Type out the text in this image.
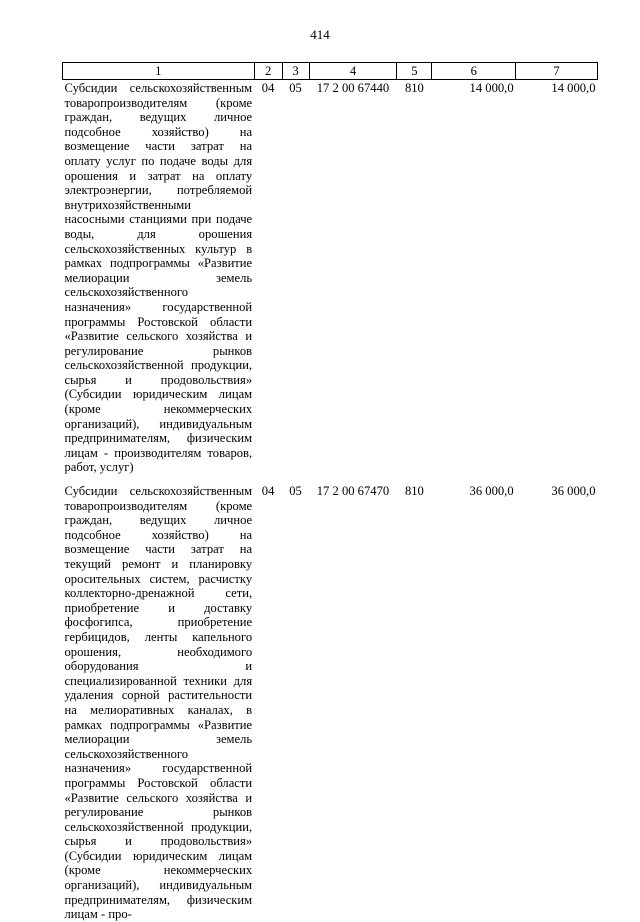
414
1	2	3	4	5	6	7
Субсидии сельскохозяйственным товаропроизводителям (кроме граждан, ведущих личное подсобное хозяйство) на возмещение части затрат на оплату услуг по подаче воды для орошения и затрат на оплату электроэнергии, потребляемой внутрихозяйственными насосными станциями при подаче воды, для орошения сельскохозяйственных культур в рамках подпрограммы «Развитие мелиорации земель сельскохозяйственного назначения» государственной программы Ростовской области «Развитие сельского хозяйства и регулирование рынков сельскохозяйственной продукции, сырья и продовольствия» (Субсидии юридическим лицам (кроме некоммерческих организаций), индивидуальным предпринимателям, физическим лицам - производителям товаров, работ, услуг)	04	05	17 2 00 67440	810	14 000,0	14 000,0
Субсидии сельскохозяйственным товаропроизводителям (кроме граждан, ведущих личное подсобное хозяйство) на возмещение части затрат на текущий ремонт и планировку оросительных систем, расчистку коллекторно-дренажной сети, приобретение и доставку фосфогипса, приобретение гербицидов, ленты капельного орошения, необходимого оборудования и специализированной техники для удаления сорной растительности на мелиоративных каналах, в рамках подпрограммы «Развитие мелиорации земель сельскохозяйственного назначения» государственной программы Ростовской области «Развитие сельского хозяйства и регулирование рынков сельскохозяйственной продукции, сырья и продовольствия» (Субсидии юридическим лицам (кроме некоммерческих организаций), индивидуальным предпринимателям, физическим лицам - про-	04	05	17 2 00 67470	810	36 000,0	36 000,0
